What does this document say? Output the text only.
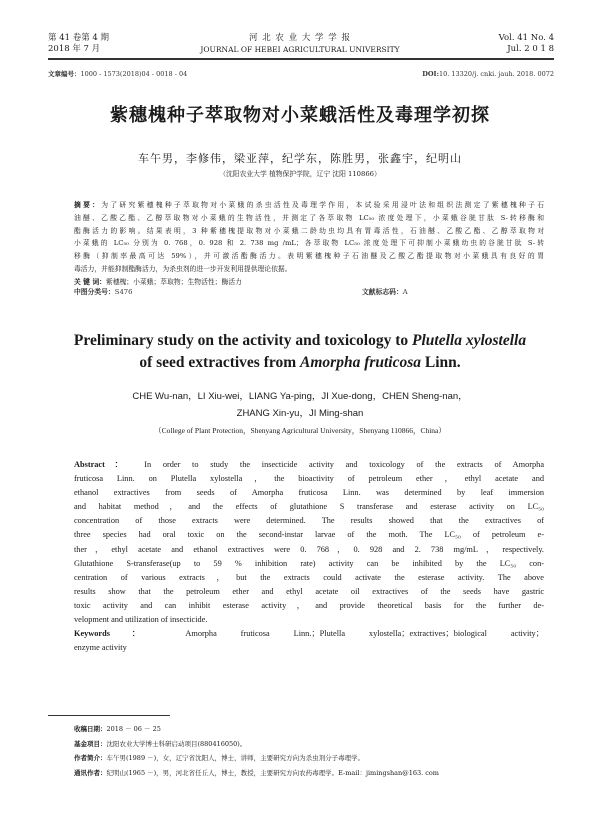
第 41 卷第 4 期
2018 年 7 月
河 北 农 业 大 学 学 报
JOURNAL OF HEBEI AGRICULTURAL UNIVERSITY
Vol. 41 No. 4
Jul. 2 0 1 8
文章编号：1000 - 1573(2018)04 - 0018 - 04	DOI:10. 13320/j. cnki. jauh. 2018. 0072
紫穗槐种子萃取物对小菜蛾活性及毒理学初探
车午男，李修伟，梁亚萍，纪学东，陈胜男，张鑫宇，纪明山
（沈阳农业大学 植物保护学院，辽宁 沈阳 110866）
摘要：为了研究紫穗槐种子萃取物对小菜蛾的杀虫活性及毒理学作用，本试验采用浸叶法和组织法测定了紫穗槐种子石
油醚、乙酸乙酯、乙醇萃取物对小菜蛾的生物活性，并测定了各萃取物 LC₅₀ 浓度处理下，小菜蛾谷胱甘肽 S-转移酶和
酯酶活力的影响。结果表明，3 种紫穗槐提取物对小菜蛾二龄幼虫均具有胃毒活性，石油醚、乙酸乙酯、乙醇萃取物对
小菜蛾的 LC₅₀ 分别为 0. 768，0. 928 和 2. 738 mg /mL；各萃取物 LC₅₀ 浓度处理下可抑制小菜蛾幼虫的谷胱甘肽 S-转
移酶（抑制率最高可达 59%），并可激活酯酶活力。表明紫穗槐种子石油醚及乙酸乙酯提取物对小菜蛾具有良好的胃
毒活力，并能抑制酯酶活力，为杀虫剂的进一步开发利用提供理论依据。
关 键 词：紫穗槐；小菜蛾；萃取物；生物活性；酶活力
中图分类号：S476	文献标志码：A
Preliminary study on the activity and toxicology to Plutella xylostella
of seed extractives from Amorpha fruticosa Linn.
CHE Wu-nan，LI Xiu-wei，LIANG Ya-ping，JI Xue-dong，CHEN Sheng-nan，
ZHANG Xin-yu，JI Ming-shan
（College of Plant Protection，Shenyang Agricultural University，Shenyang 110866，China）
Abstract： In order to study the insecticide activity and toxicology of the extracts of Amorpha
fruticosa Linn. on Plutella xylostella，the bioactivity of petroleum ether，ethyl acetate and
ethanol extractives from seeds of Amorpha fruticosa Linn. was determined by leaf immersion
and habitat method，and the effects of glutathione S transferase and esterase activity on LC₅₀
concentration of those extracts were determined. The results showed that the extractives of
three species had oral toxic on the second-instar larvae of the moth. The LC₅₀ of petroleum e-
ther，ethyl acetate and ethanol extractives were 0. 768，0. 928 and 2. 738 mg/mL，respectively.
Glutathione S-transferase(up to 59 % inhibition rate) activity can be inhibited by the LC₅₀ con-
centration of various extracts，but the extracts could activate the esterase activity. The above
results show that the petroleum ether and ethyl acetate oil extractives of the seeds have gastric
toxic activity and can inhibit esterase activity，and provide theoretical basis for the further de-
velopment and utilization of insecticide.
Keywords：	Amorpha fruticosa Linn.；Plutella xylostella；extractives；biological activity；
enzyme activity
收稿日期：2018 － 06 － 25
基金项目：沈阳农业大学博士科研启动项目(880416050)。
作者简介：车午男(1989 －)，女，辽宁省沈阳人，博士，讲师，主要研究方向为杀虫剂分子毒理学。
通讯作者：纪明山(1965 －)，男，河北省任丘人，博士，教授，主要研究方向农药毒理学。E-mail：jimingshan@163. com
